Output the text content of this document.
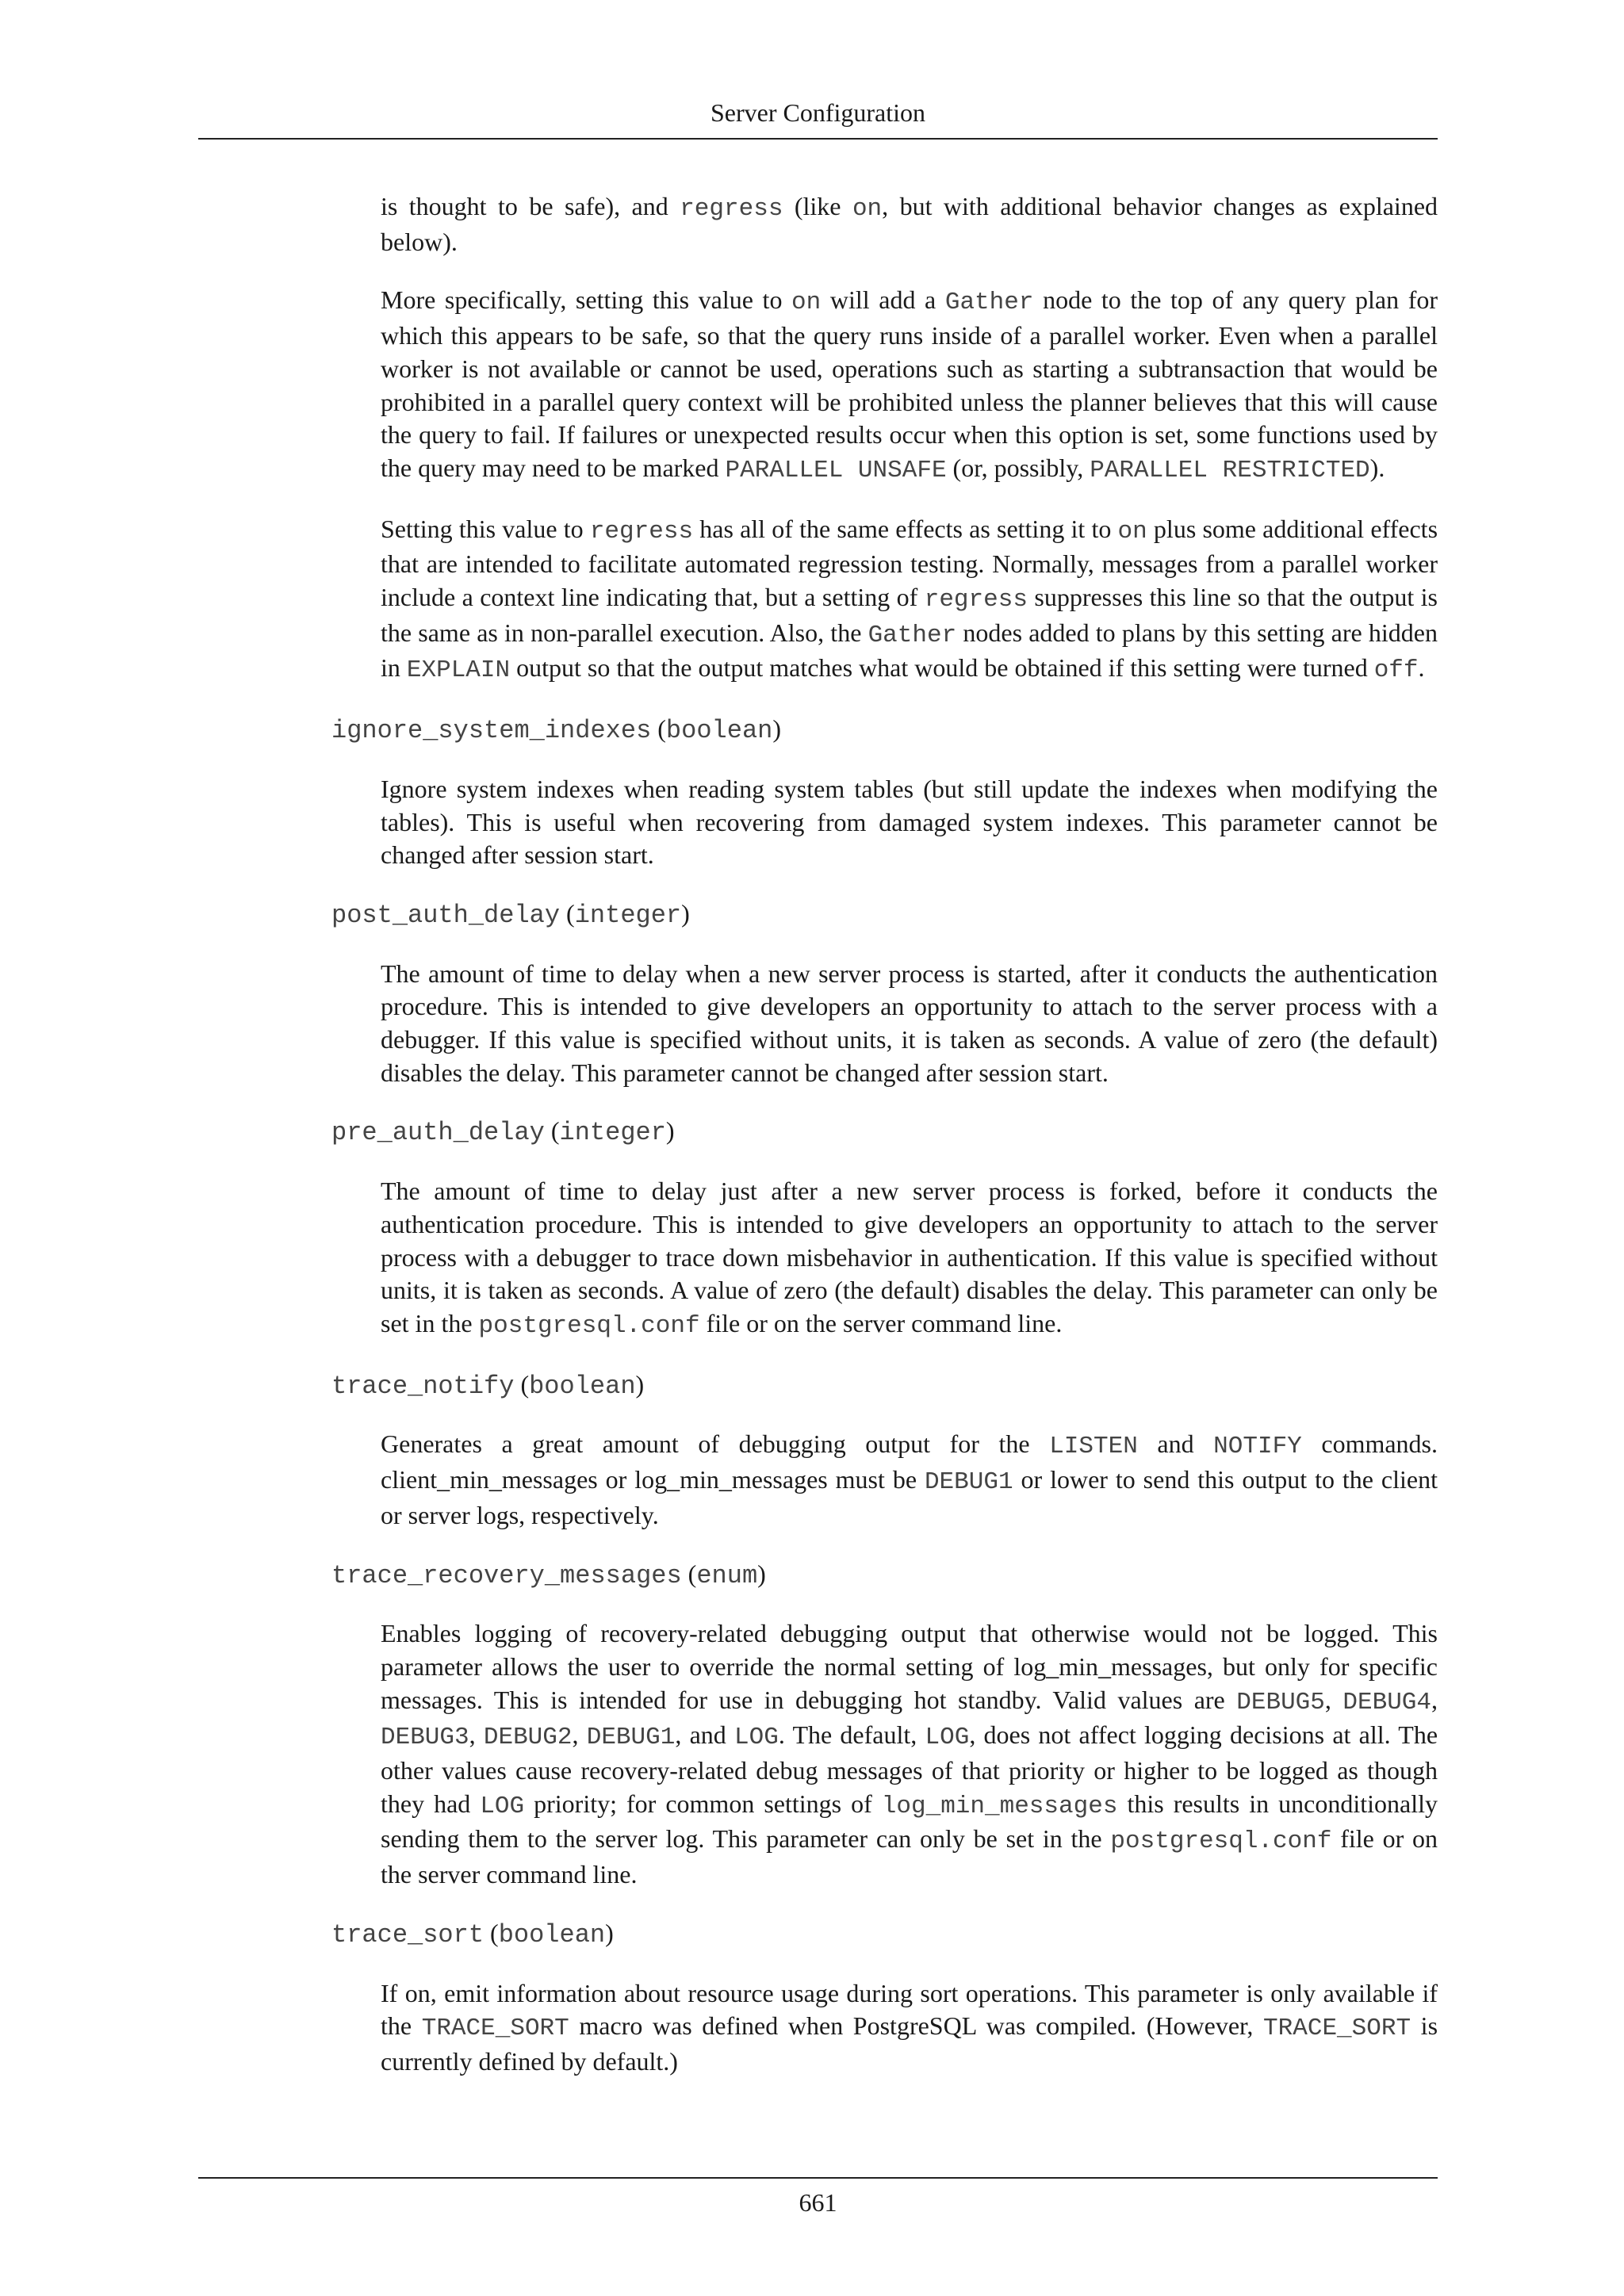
Server Configuration
is thought to be safe), and regress (like on, but with additional behavior changes as explained below).
More specifically, setting this value to on will add a Gather node to the top of any query plan for which this appears to be safe, so that the query runs inside of a parallel worker. Even when a parallel worker is not available or cannot be used, operations such as starting a subtransaction that would be prohibited in a parallel query context will be prohibited unless the planner believes that this will cause the query to fail. If failures or unexpected results occur when this option is set, some functions used by the query may need to be marked PARALLEL UNSAFE (or, possibly, PARALLEL RESTRICTED).
Setting this value to regress has all of the same effects as setting it to on plus some additional effects that are intended to facilitate automated regression testing. Normally, messages from a parallel worker include a context line indicating that, but a setting of regress suppresses this line so that the output is the same as in non-parallel execution. Also, the Gather nodes added to plans by this setting are hidden in EXPLAIN output so that the output matches what would be obtained if this setting were turned off.
ignore_system_indexes (boolean)
Ignore system indexes when reading system tables (but still update the indexes when modifying the tables). This is useful when recovering from damaged system indexes. This parameter cannot be changed after session start.
post_auth_delay (integer)
The amount of time to delay when a new server process is started, after it conducts the authentication procedure. This is intended to give developers an opportunity to attach to the server process with a debugger. If this value is specified without units, it is taken as seconds. A value of zero (the default) disables the delay. This parameter cannot be changed after session start.
pre_auth_delay (integer)
The amount of time to delay just after a new server process is forked, before it conducts the authentication procedure. This is intended to give developers an opportunity to attach to the server process with a debugger to trace down misbehavior in authentication. If this value is specified without units, it is taken as seconds. A value of zero (the default) disables the delay. This parameter can only be set in the postgresql.conf file or on the server command line.
trace_notify (boolean)
Generates a great amount of debugging output for the LISTEN and NOTIFY commands. client_min_messages or log_min_messages must be DEBUG1 or lower to send this output to the client or server logs, respectively.
trace_recovery_messages (enum)
Enables logging of recovery-related debugging output that otherwise would not be logged. This parameter allows the user to override the normal setting of log_min_messages, but only for specific messages. This is intended for use in debugging hot standby. Valid values are DEBUG5, DEBUG4, DEBUG3, DEBUG2, DEBUG1, and LOG. The default, LOG, does not affect logging decisions at all. The other values cause recovery-related debug messages of that priority or higher to be logged as though they had LOG priority; for common settings of log_min_messages this results in unconditionally sending them to the server log. This parameter can only be set in the postgresql.conf file or on the server command line.
trace_sort (boolean)
If on, emit information about resource usage during sort operations. This parameter is only available if the TRACE_SORT macro was defined when PostgreSQL was compiled. (However, TRACE_SORT is currently defined by default.)
661
